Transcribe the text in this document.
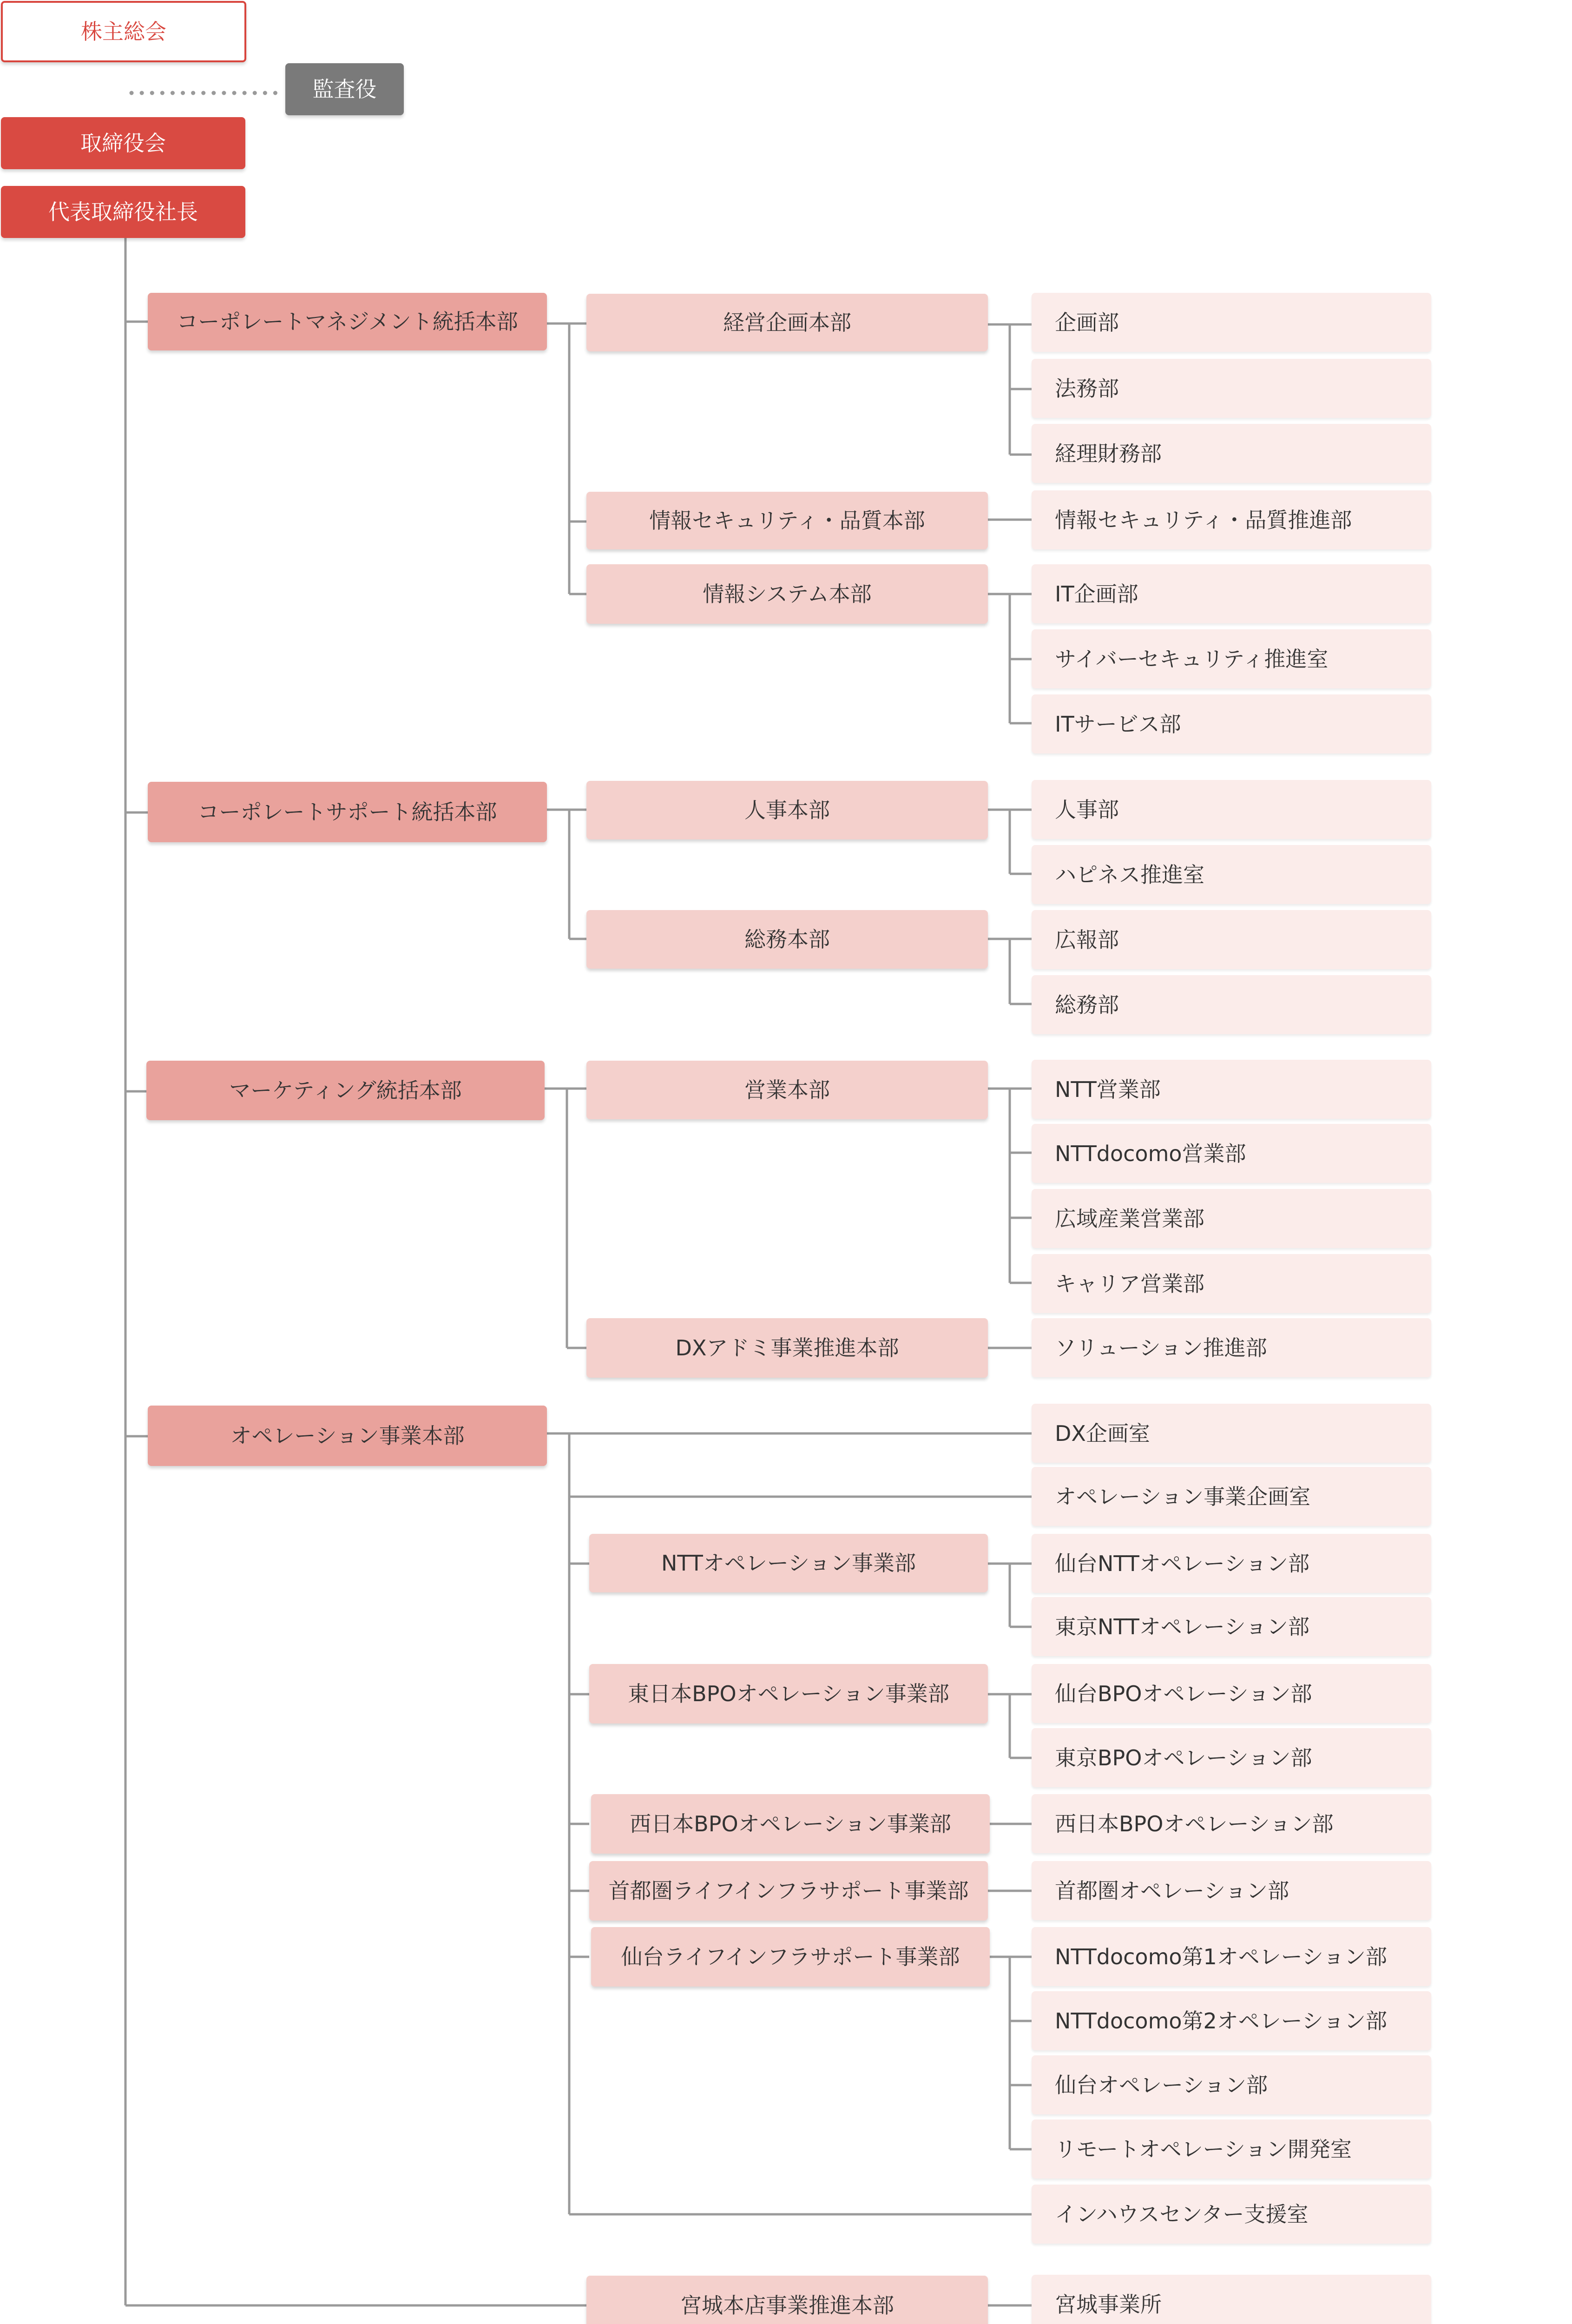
株主総会
監査役
取締役会
代表取締役社長
コーポレートマネジメント統括本部	経営企画本部	企画部
法務部
経理財務部
情報セキュリティ・品質本部	情報セキュリティ・品質推進部
情報システム本部	IT企画部
サイバーセキュリティ推進室
ITサービス部
コーポレートサポート統括本部	人事本部	人事部
ハピネス推進室
総務本部	広報部
総務部
マーケティング統括本部	営業本部	NTT営業部
NTTdocomo営業部
広域産業営業部
キャリア営業部
DXアドミ事業推進本部	ソリューション推進部
オペレーション事業本部	DX企画室
オペレーション事業企画室
NTTオペレーション事業部	仙台NTTオペレーション部
東京NTTオペレーション部
東日本BPOオペレーション事業部	仙台BPOオペレーション部
東京BPOオペレーション部
西日本BPOオペレーション事業部	西日本BPOオペレーション部
首都圏ライフインフラサポート事業部	首都圏オペレーション部
仙台ライフインフラサポート事業部	NTTdocomo第1オペレーション部
NTTdocomo第2オペレーション部
仙台オペレーション部
リモートオペレーション開発室
インハウスセンター支援室
宮城本店事業推進本部	宮城事業所
